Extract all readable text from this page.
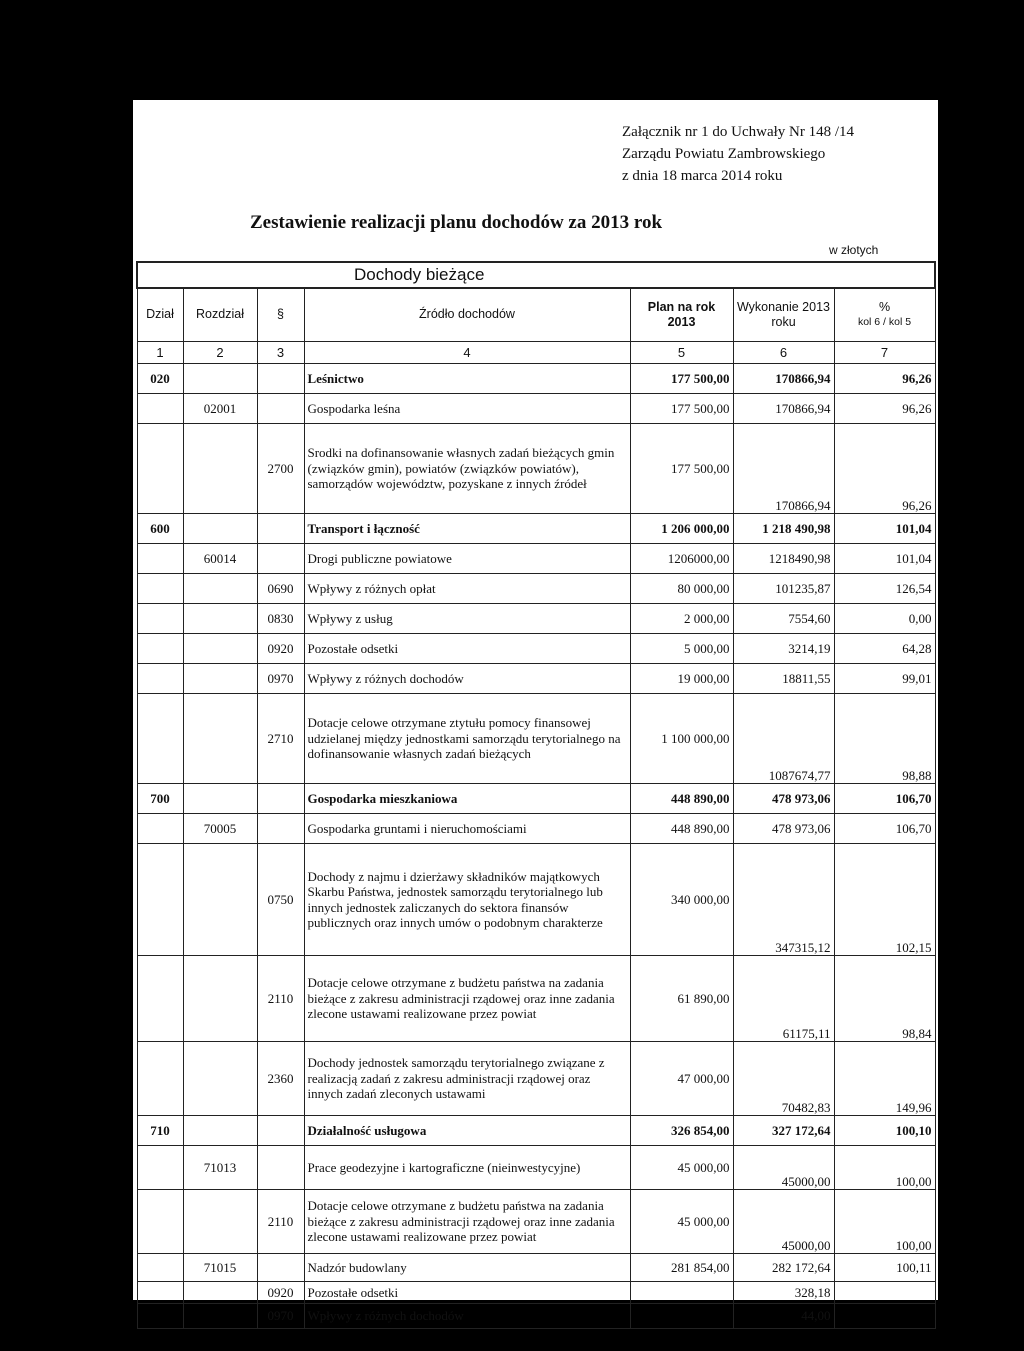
Załącznik nr 1 do Uchwały Nr 148 /14
Zarządu Powiatu Zambrowskiego
z dnia 18 marca 2014 roku
Zestawienie realizacji planu dochodów za 2013 rok
w złotych
Dochody bieżące						
Dział	Rozdział	§	Źródło dochodów	Plan na rok 2013	Wykonanie 2013 roku	%
kol 6 / kol 5

1	2	3	4	5	6	7
020			Leśnictwo	177 500,00	170866,94	96,26
	02001		Gospodarka leśna	177 500,00	170866,94	96,26
		2700	Srodki na dofinansowanie własnych zadań bieżących gmin (związków gmin), powiatów (związków powiatów), samorządów województw, pozyskane z innych źródeł	177 500,00	170866,94	96,26
600			Transport i łączność	1 206 000,00	1 218 490,98	101,04
	60014		Drogi publiczne powiatowe	1206000,00	1218490,98	101,04
		0690	Wpływy z różnych opłat	80 000,00	101235,87	126,54
		0830	Wpływy z usług	2 000,00	7554,60	0,00
		0920	Pozostałe odsetki	5 000,00	3214,19	64,28
		0970	Wpływy z różnych dochodów	19 000,00	18811,55	99,01
		2710	Dotacje celowe otrzymane ztytułu pomocy finansowej udzielanej między jednostkami samorządu terytorialnego na dofinansowanie własnych zadań bieżących	1 100 000,00	1087674,77	98,88
700			Gospodarka mieszkaniowa	448 890,00	478 973,06	106,70
	70005		Gospodarka gruntami i nieruchomościami	448 890,00	478 973,06	106,70
		0750	Dochody z najmu i dzierżawy składników majątkowych Skarbu Państwa, jednostek samorządu terytorialnego lub innych jednostek zaliczanych do sektora finansów publicznych oraz innych umów o podobnym charakterze	340 000,00	347315,12	102,15
		2110	Dotacje celowe otrzymane z budżetu państwa na zadania bieżące z zakresu administracji rządowej oraz inne zadania zlecone ustawami realizowane przez powiat	61 890,00	61175,11	98,84
		2360	Dochody jednostek samorządu terytorialnego związane z realizacją zadań z zakresu administracji rządowej oraz innych zadań zleconych ustawami	47 000,00	70482,83	149,96
710			Działalność usługowa	326 854,00	327 172,64	100,10
	71013		Prace geodezyjne i kartograficzne (nieinwestycyjne)	45 000,00	45000,00	100,00
		2110	Dotacje celowe otrzymane z budżetu państwa na zadania bieżące z zakresu administracji rządowej oraz inne zadania zlecone ustawami realizowane przez powiat	45 000,00	45000,00	100,00
	71015		Nadzór budowlany	281 854,00	282 172,64	100,11
		0920	Pozostałe odsetki		328,18	
		0970	Wpływy z różnych dochodów		44,00	
